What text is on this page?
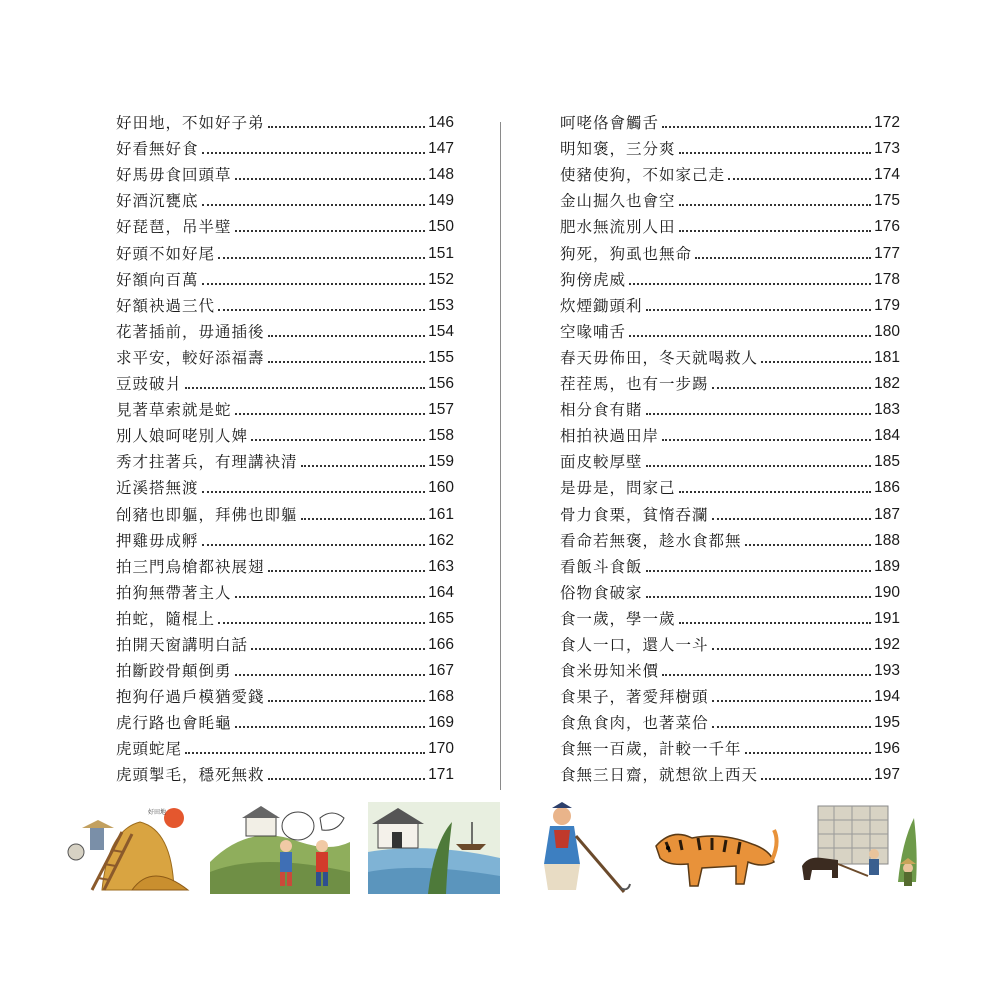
好田地，不如好子弟	146
好看無好食	147
好馬毋食回頭草	148
好酒沉甕底	149
好琵琶，吊半壁	150
好頭不如好尾	151
好額向百萬	152
好額袂過三代	153
花著插前，毋通插後	154
求平安，較好添福壽	155
豆豉破爿	156
見著草索就是蛇	157
別人娘呵咾別人婢	158
秀才拄著兵，有理講袂清	159
近溪搭無渡	160
刣豬也即軀，拜佛也即軀	161
押雞毋成孵	162
拍三門烏槍都袂展翅	163
拍狗無帶著主人	164
拍蛇，隨棍上	165
拍開天窗講明白話	166
拍斷跤骨顛倒勇	167
抱狗仔過戶模猶愛錢	168
虎行路也會眊龜	169
虎頭蛇尾	170
虎頭掣毛，穩死無救	171
呵咾佫會觸舌	172
明知褒，三分爽	173
使豬使狗，不如家己走	174
金山掘久也會空	175
肥水無流別人田	176
狗死，狗虱也無命	177
狗傍虎威	178
炊煙鋤頭利	179
空喙哺舌	180
春天毋佈田，冬天就喝救人	181
茬茬馬，也有一步踢	182
相分食有賭	183
相拍袂過田岸	184
面皮較厚壁	185
是毋是，問家己	186
骨力食栗，貧惰吞瀾	187
看命若無褒，趁水食都無	188
看飯斗食飯	189
俗物食破家	190
食一歲，學一歲	191
食人一口，還人一斗	192
食米毋知米價	193
食果子，著愛拜樹頭	194
食魚食肉，也著菜佮	195
食無一百歲，計較一千年	196
食無三日齋，就想欲上西天	197
好田地
